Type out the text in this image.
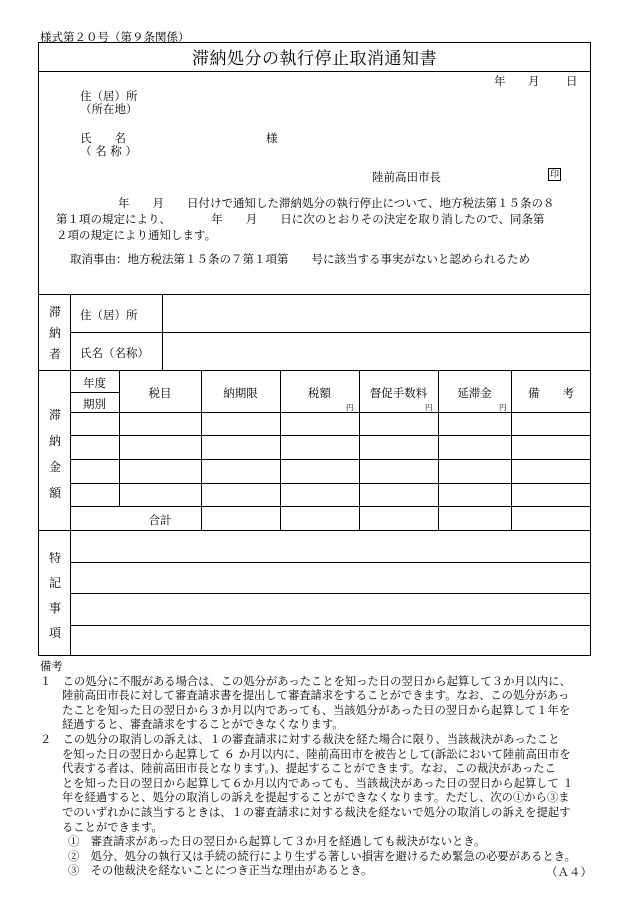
様式第２０号（第９条関係）
滞納処分の執行停止取消通知書
年 月 日
住（居）所
（所在地）
氏　　名
（ 名 称 ）
様
陸前高田市長	印
年　　月　　日付けで通知した滞納処分の執行停止について、地方税法第１５条の８
第１項の規定により、　　　　年　　月　　日に次のとおりその決定を取り消したので、同条第
２項の規定により通知します。
取消事由：地方税法第１５条の７第１項第　　号に該当する事実がないと認められるため
滞
納
者
住（居）所
氏名（名称）
滞
納
金
額
年度
期別
税目	納期限	税額	督促手数料	延滞金	備　　考
円	円	円
合計
特
記
事
項
備考
１　この処分に不服がある場合は、この処分があったことを知った日の翌日から起算して３か月以内に、
陸前高田市長に対して審査請求書を提出して審査請求をすることができます。なお、この処分があっ
たことを知った日の翌日から３か月以内であっても、当該処分があった日の翌日から起算して１年を
経過すると、審査請求をすることができなくなります。
２　この処分の取消しの訴えは、１の審査請求に対する裁決を経た場合に限り、当該裁決があったこと
を知った日の翌日から起算して ６ か月以内に、陸前高田市を被告として(訴訟において陸前高田市を
代表する者は、陸前高田市長となります。)、提起することができます。なお、この裁決があったこ
とを知った日の翌日から起算して６か月以内であっても、当該裁決があった日の翌日から起算して １
年を経過すると、処分の取消しの訴えを提起することができなくなります。ただし、次の①から③ま
でのいずれかに該当するときは、１の審査請求に対する裁決を経ないで処分の取消しの訴えを提起す
ることができます。
①　審査請求があった日の翌日から起算して３か月を経過しても裁決がないとき。
②　処分、処分の執行又は手続の続行により生ずる著しい損害を避けるため緊急の必要があるとき。
③　その他裁決を経ないことにつき正当な理由があるとき。	（Ａ４）
